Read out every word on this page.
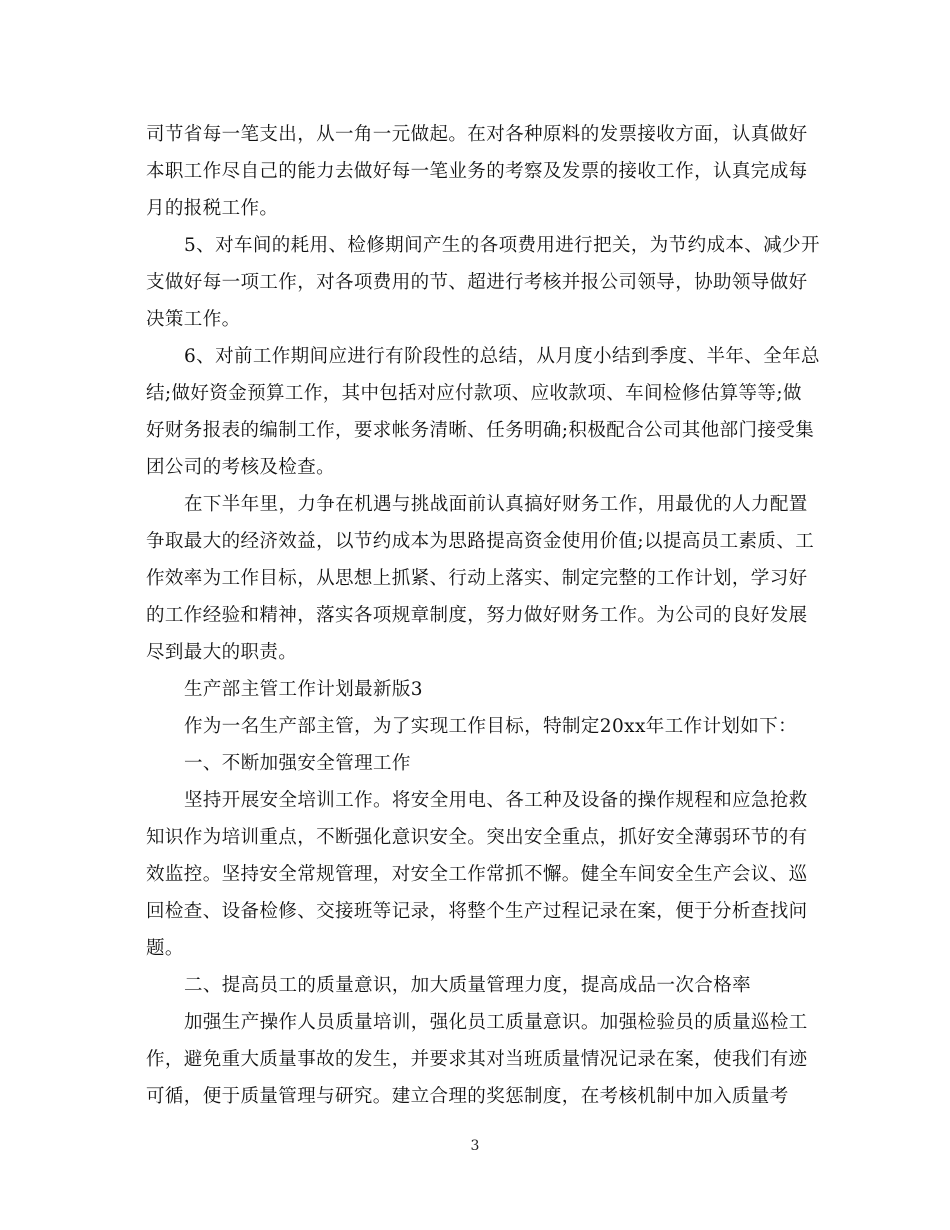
司节省每一笔支出，从一角一元做起。在对各种原料的发票接收方面，认真做好
本职工作尽自己的能力去做好每一笔业务的考察及发票的接收工作，认真完成每
月的报税工作。
5、对车间的耗用、检修期间产生的各项费用进行把关，为节约成本、减少开
支做好每一项工作，对各项费用的节、超进行考核并报公司领导，协助领导做好
决策工作。
6、对前工作期间应进行有阶段性的总结，从月度小结到季度、半年、全年总
结;做好资金预算工作，其中包括对应付款项、应收款项、车间检修估算等等;做
好财务报表的编制工作，要求帐务清晰、任务明确;积极配合公司其他部门接受集
团公司的考核及检查。
在下半年里，力争在机遇与挑战面前认真搞好财务工作，用最优的人力配置
争取最大的经济效益，以节约成本为思路提高资金使用价值;以提高员工素质、工
作效率为工作目标，从思想上抓紧、行动上落实、制定完整的工作计划，学习好
的工作经验和精神，落实各项规章制度，努力做好财务工作。为公司的良好发展
尽到最大的职责。
生产部主管工作计划最新版3
作为一名生产部主管，为了实现工作目标，特制定20xx年工作计划如下：
一、不断加强安全管理工作
坚持开展安全培训工作。将安全用电、各工种及设备的操作规程和应急抢救
知识作为培训重点，不断强化意识安全。突出安全重点，抓好安全薄弱环节的有
效监控。坚持安全常规管理，对安全工作常抓不懈。健全车间安全生产会议、巡
回检查、设备检修、交接班等记录，将整个生产过程记录在案，便于分析查找问
题。
二、提高员工的质量意识，加大质量管理力度，提高成品一次合格率
加强生产操作人员质量培训，强化员工质量意识。加强检验员的质量巡检工
作，避免重大质量事故的发生，并要求其对当班质量情况记录在案，使我们有迹
可循，便于质量管理与研究。建立合理的奖惩制度，在考核机制中加入质量考
3
